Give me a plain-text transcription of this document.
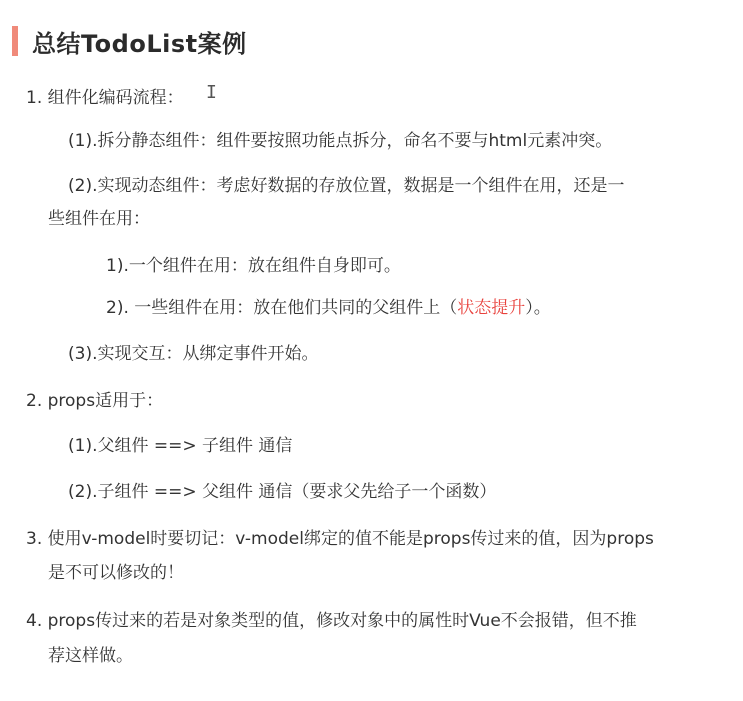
总结TodoList案例
I
1. 组件化编码流程：
(1).拆分静态组件：组件要按照功能点拆分，命名不要与html元素冲突。
(2).实现动态组件：考虑好数据的存放位置，数据是一个组件在用，还是一
些组件在用：
1).一个组件在用：放在组件自身即可。
2). 一些组件在用：放在他们共同的父组件上（状态提升）。
(3).实现交互：从绑定事件开始。
2. props适用于：
(1).父组件 ==> 子组件 通信
(2).子组件 ==> 父组件 通信（要求父先给子一个函数）
3. 使用v-model时要切记：v-model绑定的值不能是props传过来的值，因为props
是不可以修改的！
4. props传过来的若是对象类型的值，修改对象中的属性时Vue不会报错，但不推
荐这样做。
